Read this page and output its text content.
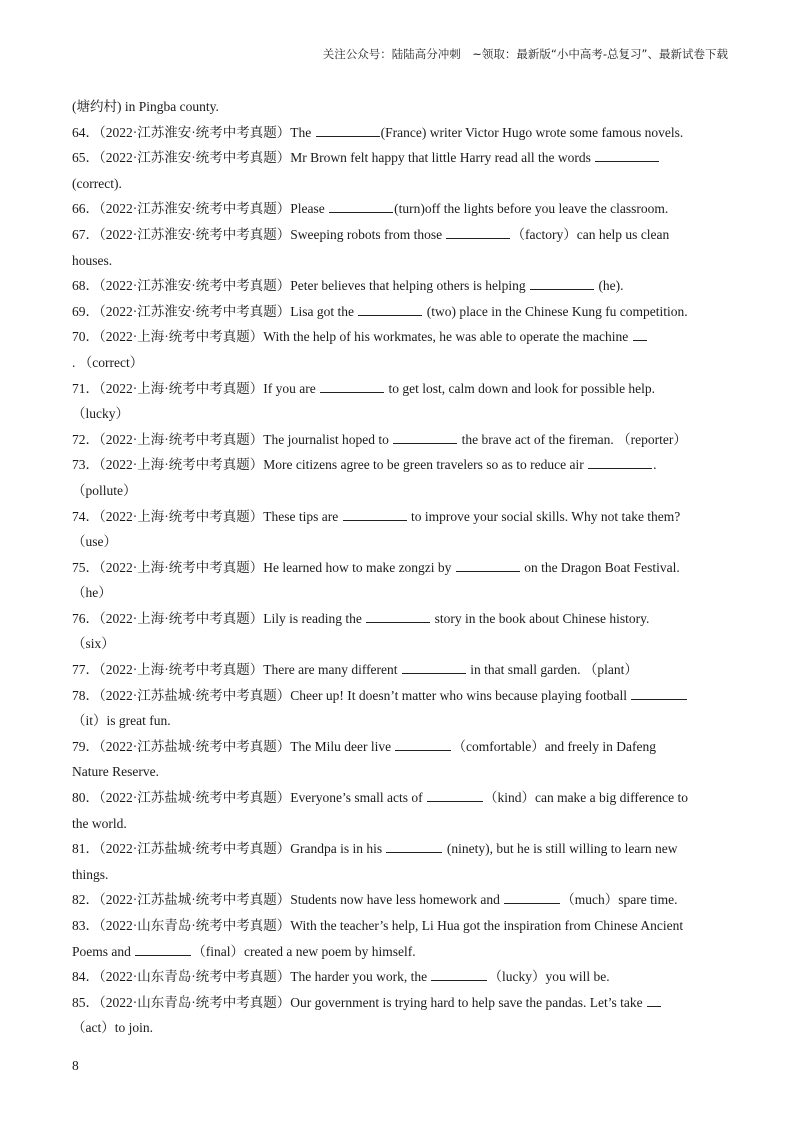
关注公众号：陆陆高分冲刺　~领取：最新版“小中高考-总复习”、最新试卷下载
(塘约村) in Pingba county.
64．（2022·江苏淮安·统考中考真题）The	(France) writer Victor Hugo wrote some famous novels.
65．（2022·江苏淮安·统考中考真题）Mr Brown felt happy that little Harry read all the words
(correct).
66．（2022·江苏淮安·统考中考真题）Please	(turn)off the lights before you leave the classroom.
67．（2022·江苏淮安·统考中考真题）Sweeping robots from those	（factory）can help us clean
houses.
68．（2022·江苏淮安·统考中考真题）Peter believes that helping others is helping	(he).
69．（2022·江苏淮安·统考中考真题）Lisa got the	(two) place in the Chinese Kung fu competition.
70．（2022·上海·统考中考真题）With the help of his workmates, he was able to operate the machine
. （correct）
71．（2022·上海·统考中考真题）If you are	to get lost, calm down and look for possible help.
（lucky）
72．（2022·上海·统考中考真题）The journalist hoped to	the brave act of the fireman. （reporter）
73．（2022·上海·统考中考真题）More citizens agree to be green travelers so as to reduce air	.
（pollute）
74．（2022·上海·统考中考真题）These tips are	to improve your social skills. Why not take them?
（use）
75．（2022·上海·统考中考真题）He learned how to make zongzi by	on the Dragon Boat Festival.
（he）
76．（2022·上海·统考中考真题）Lily is reading the	story in the book about Chinese history.
（six）
77．（2022·上海·统考中考真题）There are many different	in that small garden. （plant）
78．（2022·江苏盐城·统考中考真题）Cheer up! It doesn’t matter who wins because playing football
（it）is great fun.
79．（2022·江苏盐城·统考中考真题）The Milu deer live	（comfortable）and freely in Dafeng
Nature Reserve.
80．（2022·江苏盐城·统考中考真题）Everyone’s small acts of	（kind）can make a big difference to
the world.
81．（2022·江苏盐城·统考中考真题）Grandpa is in his	(ninety), but he is still willing to learn new
things.
82．（2022·江苏盐城·统考中考真题）Students now have less homework and	（much）spare time.
83．（2022·山东青岛·统考中考真题）With the teacher’s help, Li Hua got the inspiration from Chinese Ancient
Poems and	（final）created a new poem by himself.
84．（2022·山东青岛·统考中考真题）The harder you work, the	（lucky）you will be.
85．（2022·山东青岛·统考中考真题）Our government is trying hard to help save the pandas. Let’s take
（act）to join.
8
